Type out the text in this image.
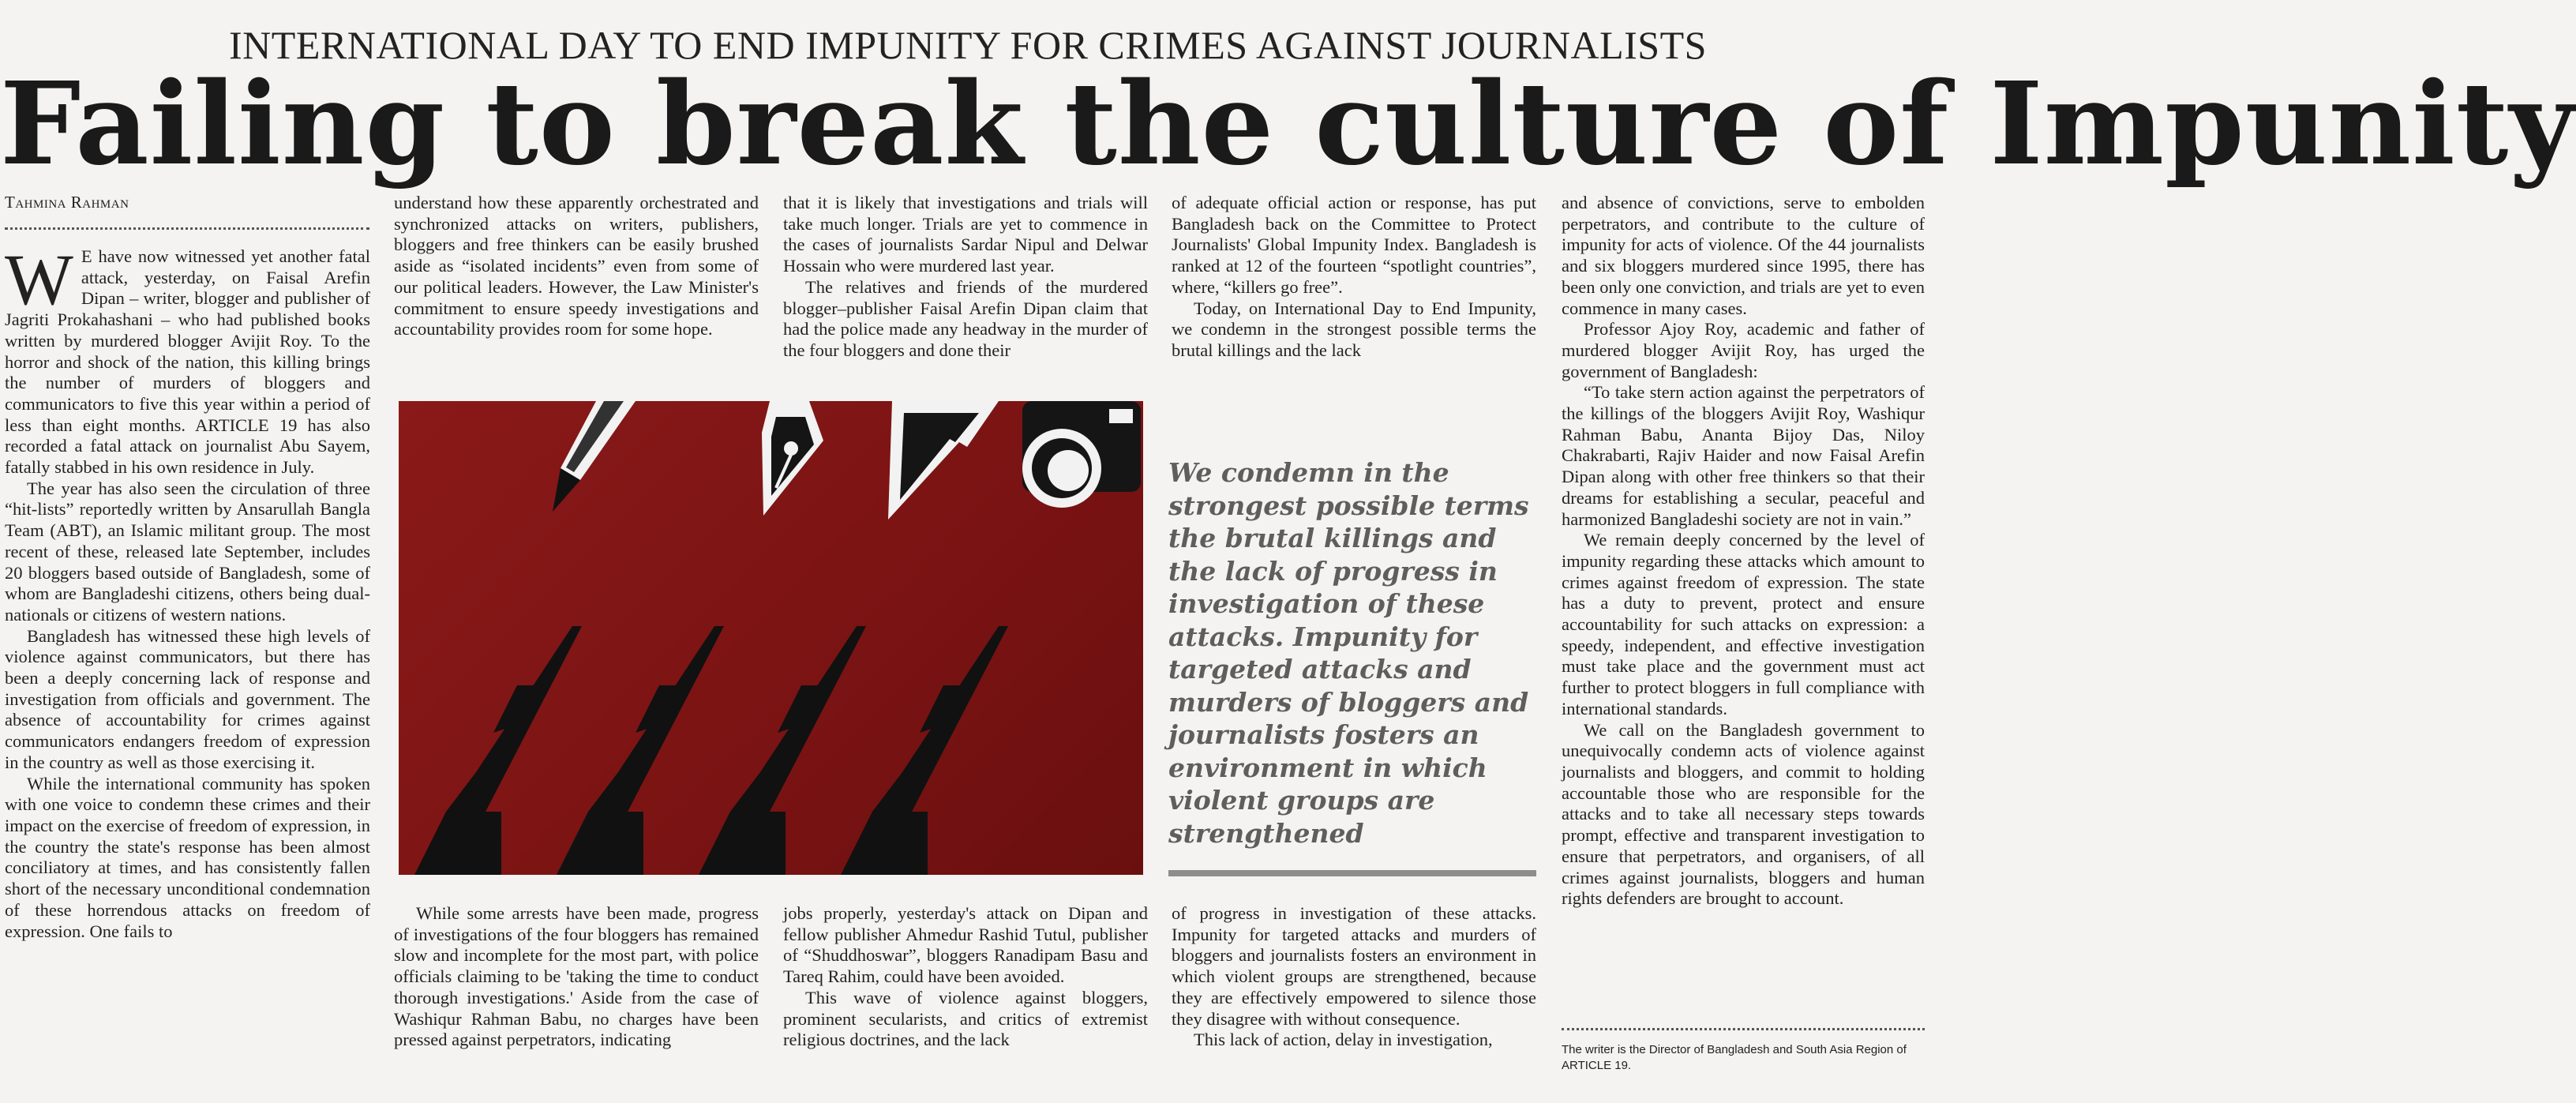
INTERNATIONAL DAY TO END IMPUNITY FOR CRIMES AGAINST JOURNALISTS
Failing to break the culture of Impunity
Tahmina Rahman

W E have now witnessed yet another fatal attack, yesterday, on Faisal Arefin Dipan – writer, blogger and publisher of Jagriti Prokahashani – who had published books written by murdered blogger Avijit Roy. To the horror and shock of the nation, this killing brings the number of murders of bloggers and communicators to five this year within a period of less than eight months. ARTICLE 19 has also recorded a fatal attack on journalist Abu Sayem, fatally stabbed in his own residence in July.

The year has also seen the circulation of three “hit-lists” reportedly written by Ansarullah Bangla Team (ABT), an Islamic militant group. The most recent of these, released late September, includes 20 bloggers based outside of Bangladesh, some of whom are Bangladeshi citizens, others being dual-nationals or citizens of western nations.

Bangladesh has witnessed these high levels of violence against communicators, but there has been a deeply concerning lack of response and investigation from officials and government. The absence of accountability for crimes against communicators endangers freedom of expression in the country as well as those exercising it.

While the international community has spoken with one voice to condemn these crimes and their impact on the exercise of freedom of expression, in the country the state's response has been almost conciliatory at times, and has consistently fallen short of the necessary unconditional condemnation of these horrendous attacks on freedom of expression. One fails to

understand how these apparently orchestrated and synchronized attacks on writers, publishers, bloggers and free thinkers can be easily brushed aside as “isolated incidents” even from some of our political leaders. However, the Law Minister's commitment to ensure speedy investigations and accountability provides room for some hope.

that it is likely that investigations and trials will take much longer. Trials are yet to commence in the cases of journalists Sardar Nipul and Delwar Hossain who were murdered last year.

The relatives and friends of the murdered blogger–publisher Faisal Arefin Dipan claim that had the police made any headway in the murder of the four bloggers and done their

of adequate official action or response, has put Bangladesh back on the Committee to Protect Journalists' Global Impunity Index. Bangladesh is ranked at 12 of the fourteen “spotlight countries”, where, “killers go free”.

Today, on International Day to End Impunity, we condemn in the strongest possible terms the brutal killings and the lack

We condemn in the strongest possible terms the brutal killings and the lack of progress in investigation of these attacks. Impunity for targeted attacks and murders of bloggers and journalists fosters an environment in which violent groups are strengthened

While some arrests have been made, progress of investigations of the four bloggers has remained slow and incomplete for the most part, with police officials claiming to be 'taking the time to conduct thorough investigations.' Aside from the case of Washiqur Rahman Babu, no charges have been pressed against perpetrators, indicating

jobs properly, yesterday's attack on Dipan and fellow publisher Ahmedur Rashid Tutul, publisher of “Shuddhoswar”, bloggers Ranadipam Basu and Tareq Rahim, could have been avoided.

This wave of violence against bloggers, prominent secularists, and critics of extremist religious doctrines, and the lack

of progress in investigation of these attacks. Impunity for targeted attacks and murders of bloggers and journalists fosters an environment in which violent groups are strengthened, because they are effectively empowered to silence those they disagree with without consequence.

This lack of action, delay in investigation,

and absence of convictions, serve to embolden perpetrators, and contribute to the culture of impunity for acts of violence. Of the 44 journalists and six bloggers murdered since 1995, there has been only one conviction, and trials are yet to even commence in many cases.

Professor Ajoy Roy, academic and father of murdered blogger Avijit Roy, has urged the government of Bangladesh:

“To take stern action against the perpetrators of the killings of the bloggers Avijit Roy, Washiqur Rahman Babu, Ananta Bijoy Das, Niloy Chakrabarti, Rajiv Haider and now Faisal Arefin Dipan along with other free thinkers so that their dreams for establishing a secular, peaceful and harmonized Bangladeshi society are not in vain.”

We remain deeply concerned by the level of impunity regarding these attacks which amount to crimes against freedom of expression. The state has a duty to prevent, protect and ensure accountability for such attacks on expression: a speedy, independent, and effective investigation must take place and the government must act further to protect bloggers in full compliance with international standards.

We call on the Bangladesh government to unequivocally condemn acts of violence against journalists and bloggers, and commit to holding accountable those who are responsible for the attacks and to take all necessary steps towards prompt, effective and transparent investigation to ensure that perpetrators, and organisers, of all crimes against journalists, bloggers and human rights defenders are brought to account.

The writer is the Director of Bangladesh and South Asia Region of ARTICLE 19.
